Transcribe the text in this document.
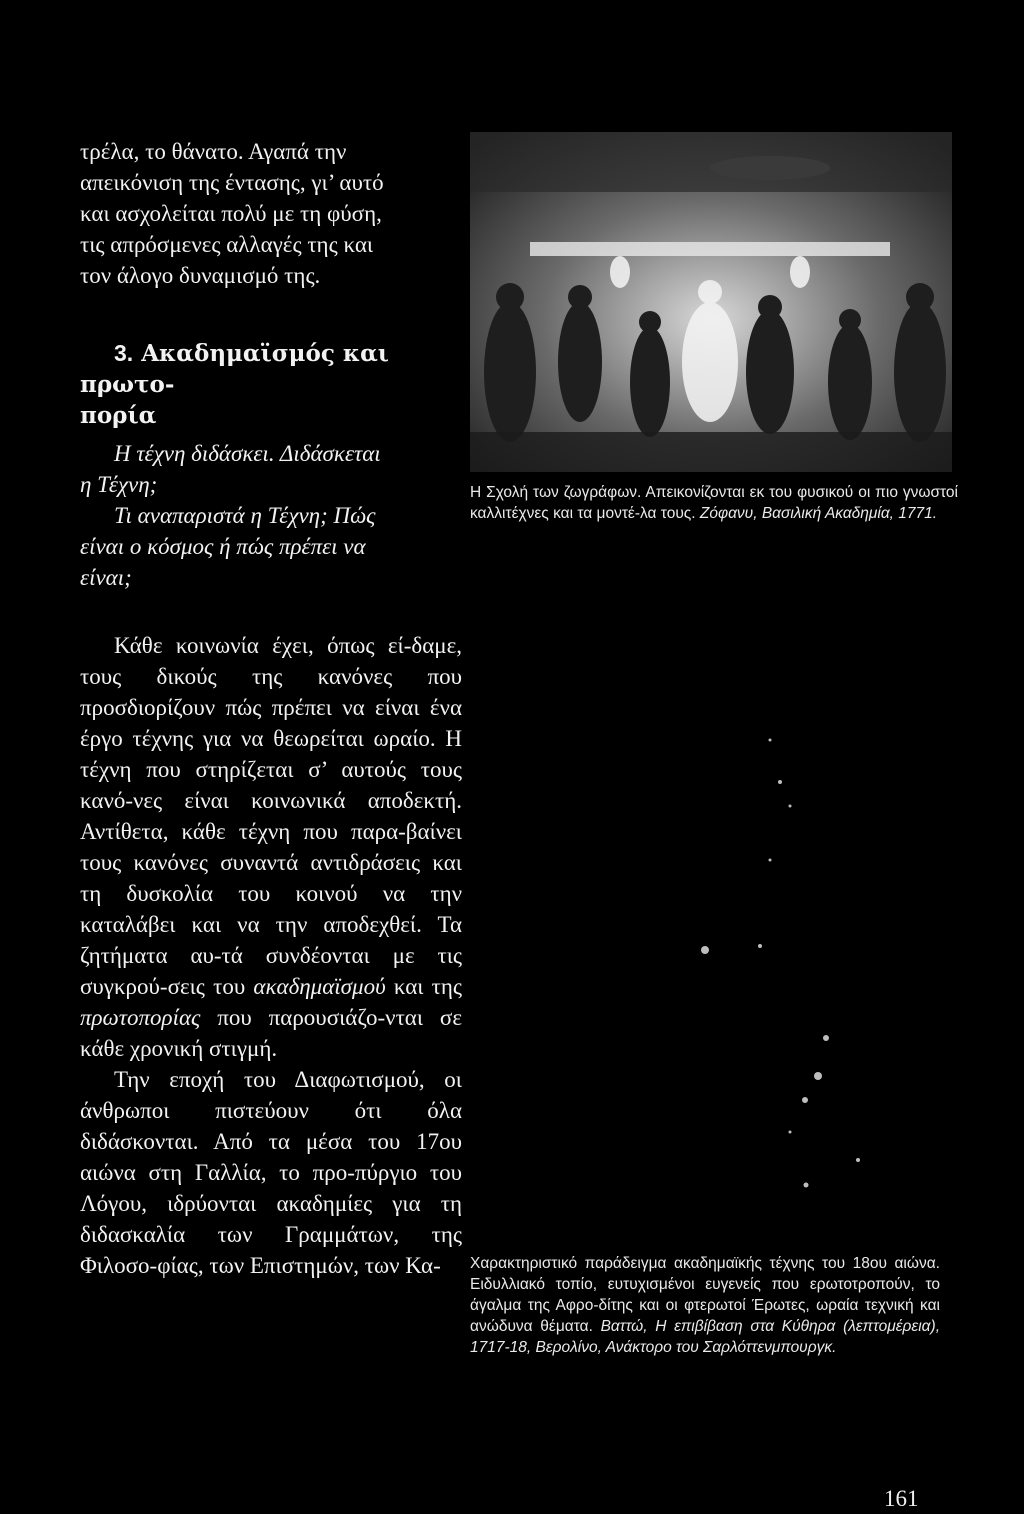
τρέλα, το θάνατο. Αγαπά την
απεικόνιση της έντασης, γι’ αυτό
και ασχολείται πολύ με τη φύση,
τις απρόσμενες αλλαγές της και
τον άλογο δυναμισμό της.
3. Ακαδημαϊσμός και πρωτο-
πορία
Η τέχνη διδάσκει. Διδάσκεται
η Τέχνη;
Τι αναπαριστά η Τέχνη; Πώς
είναι ο κόσμος ή πώς πρέπει να
είναι;

Κάθε κοινωνία έχει, όπως εί-δαμε, τους δικούς της κανόνες που προσδιορίζουν πώς πρέπει να είναι ένα έργο τέχνης για να θεωρείται ωραίο. Η τέχνη που στηρίζεται σ’ αυτούς τους κανό-νες είναι κοινωνικά αποδεκτή. Αντίθετα, κάθε τέχνη που παρα-βαίνει τους κανόνες συναντά αντιδράσεις και τη δυσκολία του κοινού να την καταλάβει και να την αποδεχθεί. Τα ζητήματα αυ-τά συνδέονται με τις συγκρού-σεις του ακαδημαϊσμού και της πρωτοπορίας που παρουσιάζο-νται σε κάθε χρονική στιγμή.

Την εποχή του Διαφωτισμού, οι άνθρωποι πιστεύουν ότι όλα διδάσκονται. Από τα μέσα του 17ου αιώνα στη Γαλλία, το προ-πύργιο του Λόγου, ιδρύονται ακαδημίες για τη διδασκαλία των Γραμμάτων, της Φιλοσο-φίας, των Επιστημών, των Κα-

Η Σχολή των ζωγράφων. Απεικονίζονται εκ του φυσικού οι πιο γνωστοί καλλιτέχνες και τα μοντέ-λα τους. Ζόφανυ, Βασιλική Ακαδημία, 1771.
Χαρακτηριστικό παράδειγμα ακαδημαϊκής τέχνης του 18ου αιώνα. Ειδυλλιακό τοπίο, ευτυχισμένοι ευγενείς που ερωτοτροπούν, το άγαλμα της Αφρο-δίτης και οι φτερωτοί Έρωτες, ωραία τεχνική και ανώδυνα θέματα. Βαττώ, Η επιβίβαση στα Κύθηρα (λεπτομέρεια), 1717-18, Βερολίνο, Ανάκτορο του Σαρλόττενμπουργκ.
161
